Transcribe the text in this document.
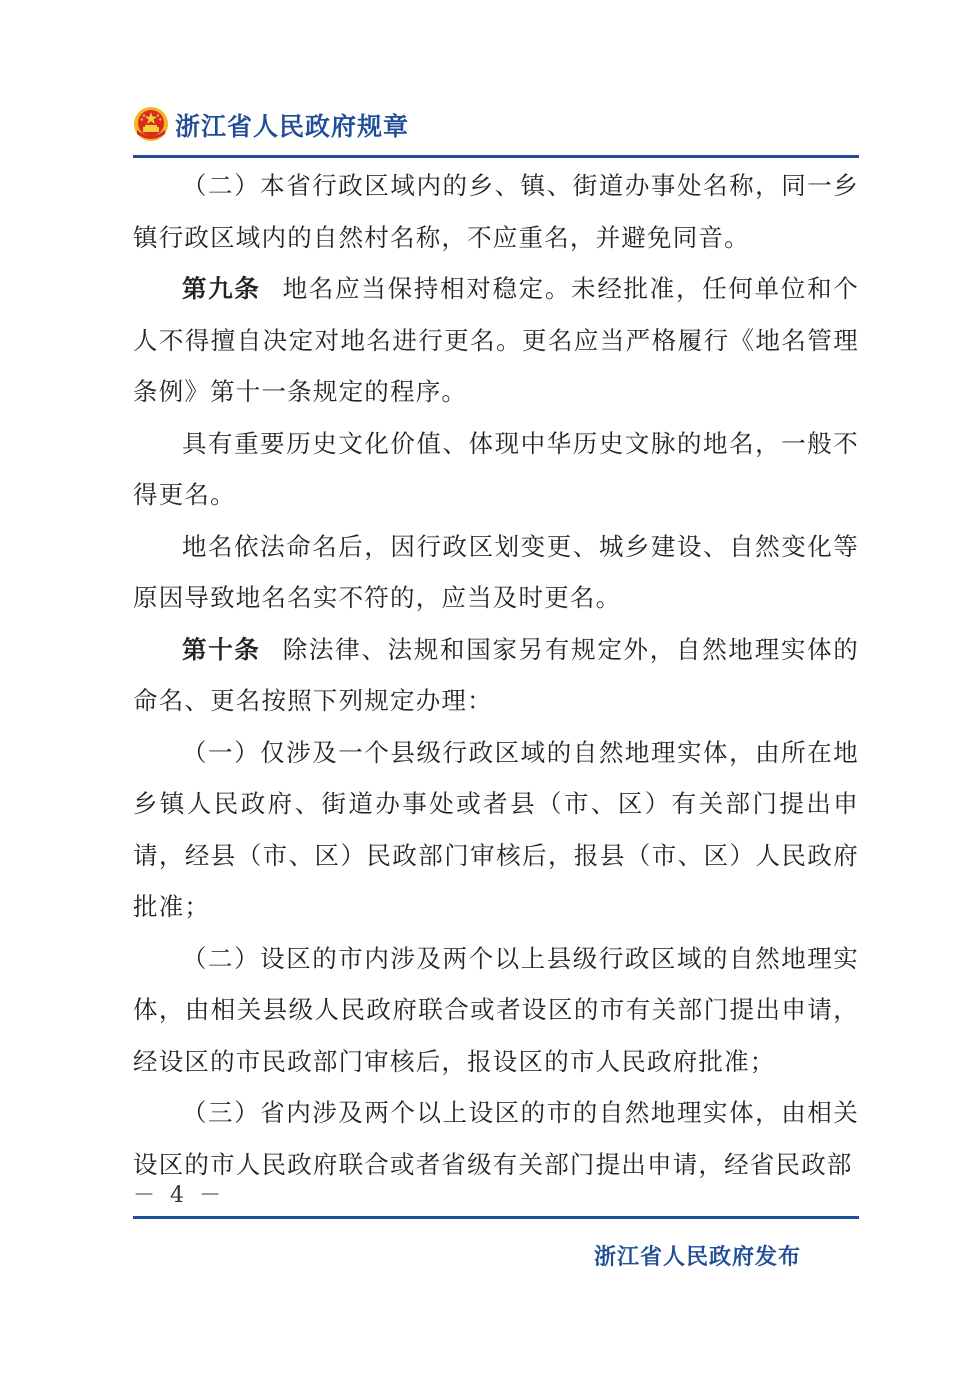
浙江省人民政府规章

（二）本省行政区域内的乡、镇、街道办事处名称，同一乡镇行政区域内的自然村名称，不应重名，并避免同音。

第九条 地名应当保持相对稳定。未经批准，任何单位和个人不得擅自决定对地名进行更名。更名应当严格履行《地名管理条例》第十一条规定的程序。

具有重要历史文化价值、体现中华历史文脉的地名，一般不得更名。

地名依法命名后，因行政区划变更、城乡建设、自然变化等原因导致地名名实不符的，应当及时更名。

第十条 除法律、法规和国家另有规定外，自然地理实体的命名、更名按照下列规定办理：

（一）仅涉及一个县级行政区域的自然地理实体，由所在地乡镇人民政府、街道办事处或者县（市、区）有关部门提出申请，经县（市、区）民政部门审核后，报县（市、区）人民政府批准；

（二）设区的市内涉及两个以上县级行政区域的自然地理实体，由相关县级人民政府联合或者设区的市有关部门提出申请，经设区的市民政部门审核后，报设区的市人民政府批准；

（三）省内涉及两个以上设区的市的自然地理实体，由相关设区的市人民政府联合或者省级有关部门提出申请，经省民政部

－ 4 －
浙江省人民政府发布
